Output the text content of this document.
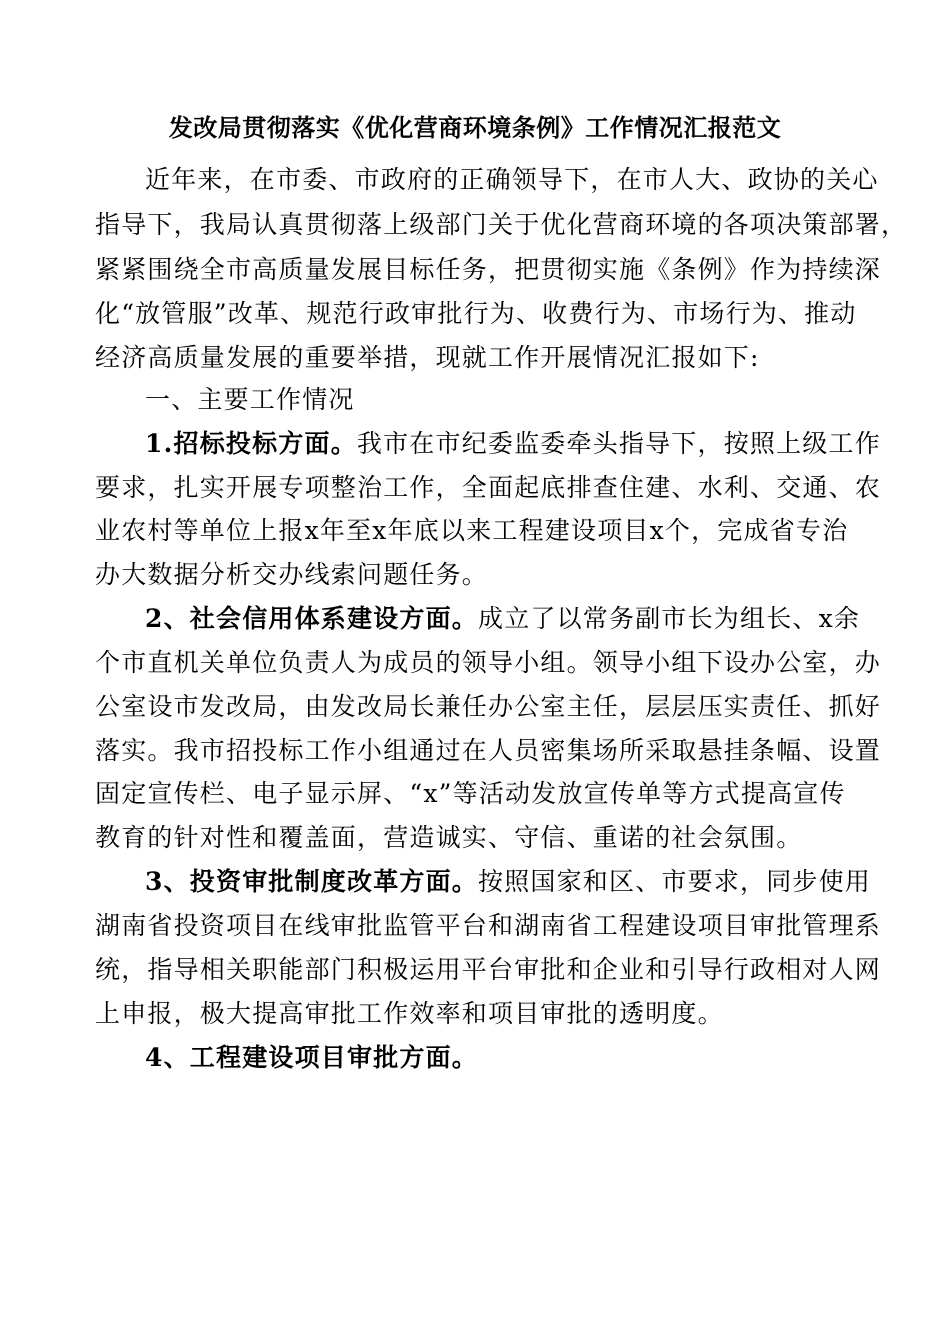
发改局贯彻落实《优化营商环境条例》工作情况汇报范文
近年来，在市委、市政府的正确领导下，在市人大、政协的关心
指导下，我局认真贯彻落上级部门关于优化营商环境的各项决策部署，
紧紧围绕全市高质量发展目标任务，把贯彻实施《条例》作为持续深
化“放管服”改革、规范行政审批行为、收费行为、市场行为、推动
经济高质量发展的重要举措，现就工作开展情况汇报如下:
一、主要工作情况
1.招标投标方面。我市在市纪委监委牵头指导下，按照上级工作
要求，扎实开展专项整治工作，全面起底排查住建、水利、交通、农
业农村等单位上报x年至x年底以来工程建设项目x个，完成省专治
办大数据分析交办线索问题任务。
2、社会信用体系建设方面。成立了以常务副市长为组长、x余
个市直机关单位负责人为成员的领导小组。领导小组下设办公室，办
公室设市发改局，由发改局长兼任办公室主任，层层压实责任、抓好
落实。我市招投标工作小组通过在人员密集场所采取悬挂条幅、设置
固定宣传栏、电子显示屏、“x”等活动发放宣传单等方式提高宣传
教育的针对性和覆盖面，营造诚实、守信、重诺的社会氛围。
3、投资审批制度改革方面。按照国家和区、市要求，同步使用
湖南省投资项目在线审批监管平台和湖南省工程建设项目审批管理系
统，指导相关职能部门积极运用平台审批和企业和引导行政相对人网
上申报，极大提高审批工作效率和项目审批的透明度。
4、工程建设项目审批方面。
